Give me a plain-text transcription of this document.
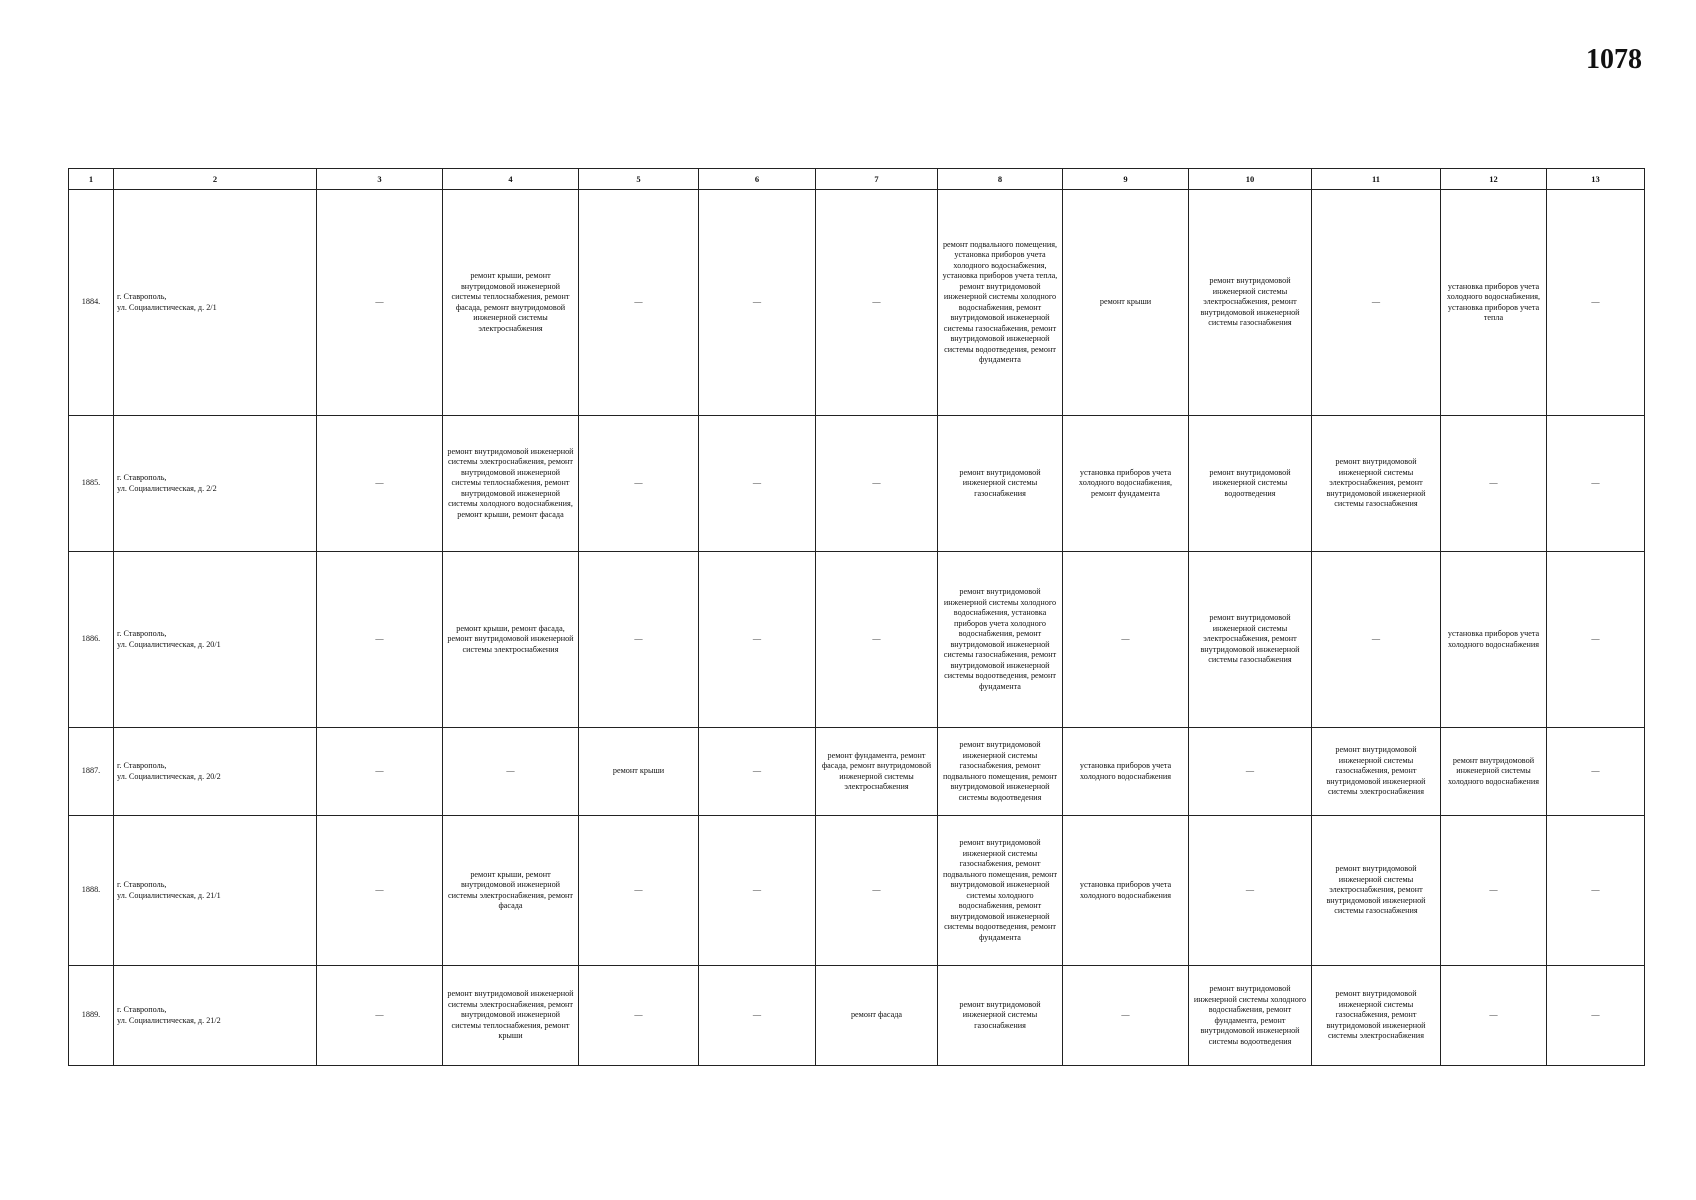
1078
1	2	3	4	5	6	7	8	9	10	11	12	13
1884.	г. Ставрополь,
ул. Социалистическая, д. 2/1	—	ремонт крыши, ремонт внутридомовой инженерной системы теплоснабжения, ремонт фасада, ремонт внутридомовой инженерной системы электроснабжения	—	—	—	ремонт подвального помещения, установка приборов учета холодного водоснабжения, установка приборов учета тепла, ремонт внутридомовой инженерной системы холодного водоснабжения, ремонт внутридомовой инженерной системы газоснабжения, ремонт внутридомовой инженерной системы водоотведения, ремонт фундамента	ремонт крыши	ремонт внутридомовой инженерной системы электроснабжения, ремонт внутридомовой инженерной системы газоснабжения	—	установка приборов учета холодного водоснабжения, установка приборов учета тепла	—
1885.	г. Ставрополь,
ул. Социалистическая, д. 2/2	—	ремонт внутридомовой инженерной системы электроснабжения, ремонт внутридомовой инженерной системы теплоснабжения, ремонт внутридомовой инженерной системы холодного водоснабжения, ремонт крыши, ремонт фасада	—	—	—	ремонт внутридомовой инженерной системы газоснабжения	установка приборов учета холодного водоснабжения, ремонт фундамента	ремонт внутридомовой инженерной системы водоотведения	ремонт внутридомовой инженерной системы электроснабжения, ремонт внутридомовой инженерной системы газоснабжения	—	—
1886.	г. Ставрополь,
ул. Социалистическая, д. 20/1	—	ремонт крыши, ремонт фасада, ремонт внутридомовой инженерной системы электроснабжения	—	—	—	ремонт внутридомовой инженерной системы холодного водоснабжения, установка приборов учета холодного водоснабжения, ремонт внутридомовой инженерной системы газоснабжения, ремонт внутридомовой инженерной системы водоотведения, ремонт фундамента	—	ремонт внутридомовой инженерной системы электроснабжения, ремонт внутридомовой инженерной системы газоснабжения	—	установка приборов учета холодного водоснабжения	—
1887.	г. Ставрополь,
ул. Социалистическая, д. 20/2	—	—	ремонт крыши	—	ремонт фундамента, ремонт фасада, ремонт внутридомовой инженерной системы электроснабжения	ремонт внутридомовой инженерной системы газоснабжения, ремонт подвального помещения, ремонт внутридомовой инженерной системы водоотведения	установка приборов учета холодного водоснабжения	—	ремонт внутридомовой инженерной системы газоснабжения, ремонт внутридомовой инженерной системы электроснабжения	ремонт внутридомовой инженерной системы холодного водоснабжения	—
1888.	г. Ставрополь,
ул. Социалистическая, д. 21/1	—	ремонт крыши, ремонт внутридомовой инженерной системы электроснабжения, ремонт фасада	—	—	—	ремонт внутридомовой инженерной системы газоснабжения, ремонт подвального помещения, ремонт внутридомовой инженерной системы холодного водоснабжения, ремонт внутридомовой инженерной системы водоотведения, ремонт фундамента	установка приборов учета холодного водоснабжения	—	ремонт внутридомовой инженерной системы электроснабжения, ремонт внутридомовой инженерной системы газоснабжения	—	—
1889.	г. Ставрополь,
ул. Социалистическая, д. 21/2	—	ремонт внутридомовой инженерной системы электроснабжения, ремонт внутридомовой инженерной системы теплоснабжения, ремонт крыши	—	—	ремонт фасада	ремонт внутридомовой инженерной системы газоснабжения	—	ремонт внутридомовой инженерной системы холодного водоснабжения, ремонт фундамента, ремонт внутридомовой инженерной системы водоотведения	ремонт внутридомовой инженерной системы газоснабжения, ремонт внутридомовой инженерной системы электроснабжения	—	—
